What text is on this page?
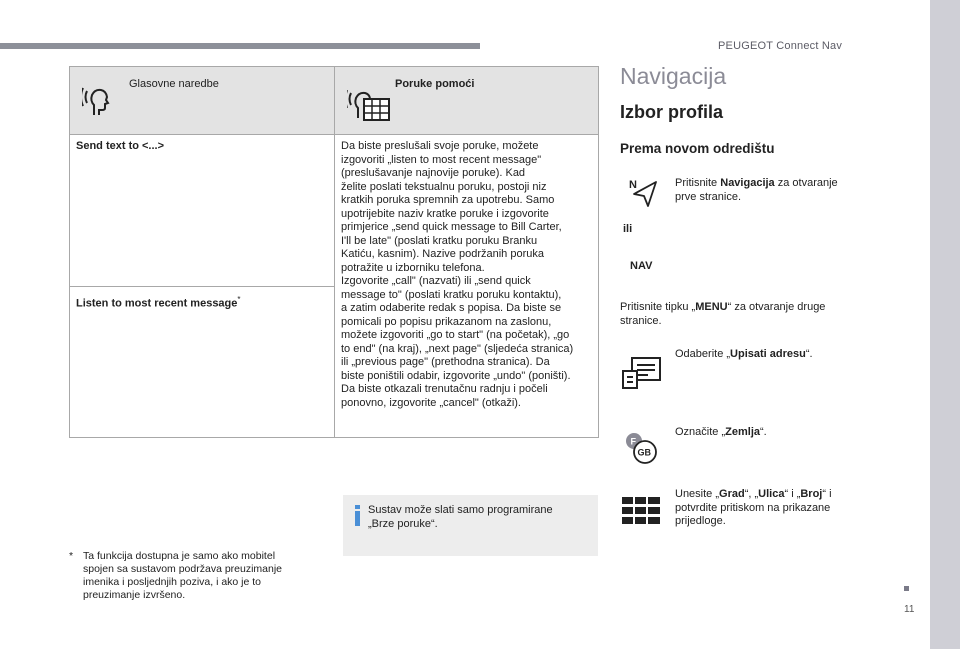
PEUGEOT Connect Nav
Glasovne naredbe	Poruke pomoći
Send text to <...>
Listen to most recent message*
Da biste preslušali svoje poruke, možete
izgovoriti „listen to most recent message"
(preslušavanje najnovije poruke). Kad
želite poslati tekstualnu poruku, postoji niz
kratkih poruka spremnih za upotrebu. Samo
upotrijebite naziv kratke poruke i izgovorite
primjerice „send quick message to Bill Carter,
I'll be late" (poslati kratku poruku Branku
Katiću, kasnim). Nazive podržanih poruka
potražite u izborniku telefona.
Izgovorite „call" (nazvati) ili „send quick
message to" (poslati kratku poruku kontaktu),
a zatim odaberite redak s popisa. Da biste se
pomicali po popisu prikazanom na zaslonu,
možete izgovoriti „go to start" (na početak), „go
to end" (na kraj), „next page" (sljedeća stranica)
ili „previous page" (prethodna stranica). Da
biste poništili odabir, izgovorite „undo" (poništi).
Da biste otkazali trenutačnu radnju i počeli
ponovno, izgovorite „cancel" (otkaži).
Sustav može slati samo programirane
„Brze poruke“.
* Ta funkcija dostupna je samo ako mobitel
spojen sa sustavom podržava preuzimanje
imenika i posljednjih poziva, i ako je to
preuzimanje izvršeno.
Navigacija
Izbor profila
Prema novom odredištu
N	Pritisnite Navigacija za otvaranje
prve stranice.
ili
NAV
Pritisnite tipku „MENU“ za otvaranje druge
stranice.
Odaberite „Upisati adresu“.
F
GB
Označite „Zemlja“.
Unesite „Grad“, „Ulica“ i „Broj“ i
potvrdite pritiskom na prikazane
prijedloge.
11
